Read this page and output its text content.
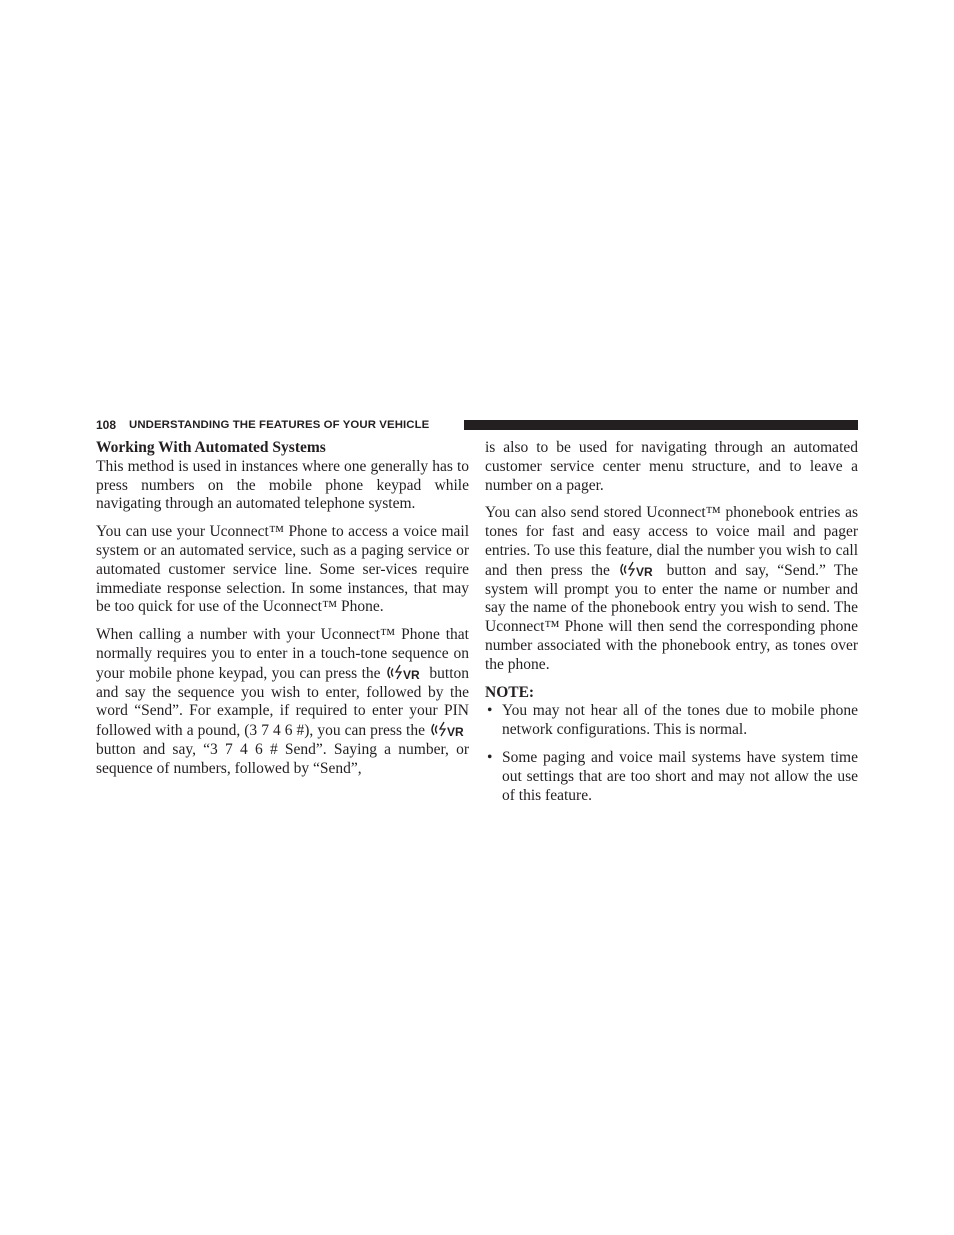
108 UNDERSTANDING THE FEATURES OF YOUR VEHICLE
Working With Automated Systems

This method is used in instances where one generally has to press numbers on the mobile phone keypad while navigating through an automated telephone system.

You can use your Uconnect™ Phone to access a voice mail system or an automated service, such as a paging service or automated customer service line. Some ser-vices require immediate response selection. In some instances, that may be too quick for use of the Uconnect™ Phone.

When calling a number with your Uconnect™ Phone that normally requires you to enter in a touch-tone sequence on your mobile phone keypad, you can press the VR button and say the sequence you wish to enter, followed by the word “Send”. For example, if required to enter your PIN followed with a pound, (3 7 4 6 #), you can press the VR
button and say, “3 7 4 6 # Send”. Saying a number, or sequence of numbers, followed by “Send”,

is also to be used for navigating through an automated customer service center menu structure, and to leave a number on a pager.

You can also send stored Uconnect™ phonebook entries as tones for fast and easy access to voice mail and pager entries. To use this feature, dial the number you wish to call and then press the VR button and say, “Send.” The system will prompt you to enter the name or number and say the name of the phonebook entry you wish to send. The Uconnect™ Phone will then send the corresponding phone number associated with the phonebook entry, as tones over the phone.

NOTE:
• You may not hear all of the tones due to mobile phone network configurations. This is normal.
• Some paging and voice mail systems have system time out settings that are too short and may not allow the use of this feature.
